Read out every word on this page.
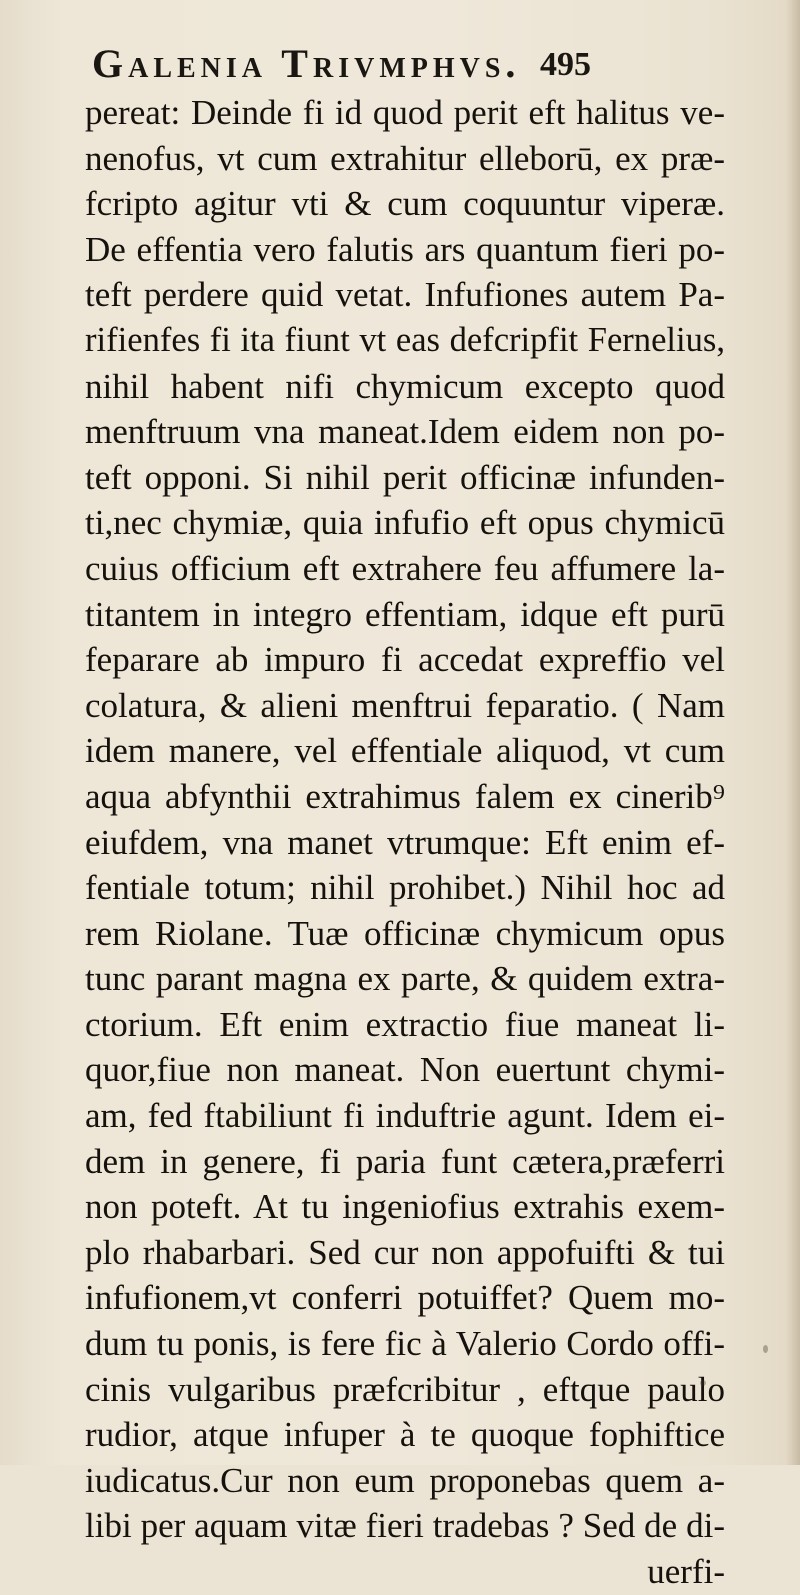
Galenia Trivmphvs. 495
pereat: Deinde fi id quod perit eft halitus ve-
nenofus, vt cum extrahitur elleborū, ex præ-
fcripto agitur vti & cum coquuntur viperæ.
De effentia vero falutis ars quantum fieri po-
teft perdere quid vetat. Infufiones autem Pa-
rifienfes fi ita fiunt vt eas defcripfit Fernelius,
nihil habent nifi chymicum excepto quod
menftruum vna maneat.Idem eidem non po-
teft opponi. Si nihil perit officinæ infunden-
ti,nec chymiæ, quia infufio eft opus chymicū
cuius officium eft extrahere feu affumere la-
titantem in integro effentiam, idque eft purū
feparare ab impuro fi accedat expreffio vel
colatura, & alieni menftrui feparatio. ( Nam
idem manere, vel effentiale aliquod, vt cum
aqua abfynthii extrahimus falem ex cinerib⁹
eiufdem, vna manet vtrumque: Eft enim ef-
fentiale totum; nihil prohibet.) Nihil hoc ad
rem Riolane. Tuæ officinæ chymicum opus
tunc parant magna ex parte, & quidem extra-
ctorium. Eft enim extractio fiue maneat li-
quor,fiue non maneat. Non euertunt chymi-
am, fed ftabiliunt fi induftrie agunt. Idem ei-
dem in genere, fi paria funt cætera,præferri
non poteft. At tu ingeniofius extrahis exem-
plo rhabarbari. Sed cur non appofuifti & tui
infufionem,vt conferri potuiffet? Quem mo-
dum tu ponis, is fere fic à Valerio Cordo offi-
cinis vulgaribus præfcribitur , eftque paulo
rudior, atque infuper à te quoque fophiftice
iudicatus.Cur non eum proponebas quem a-
libi per aquam vitæ fieri tradebas ? Sed de di-
uerfi-
